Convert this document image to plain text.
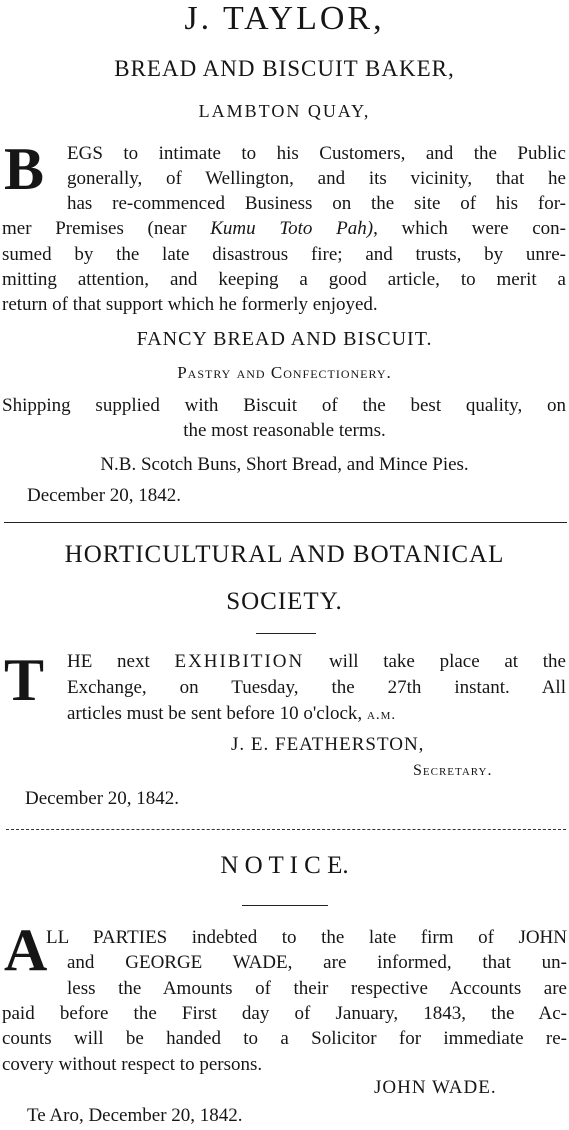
J. TAYLOR,
BREAD AND BISCUIT BAKER,
LAMBTON QUAY,
B EGS to intimate to his Customers, and the Public
gonerally, of Wellington, and its vicinity, that he
has re-commenced Business on the site of his for-
mer Premises (near Kumu Toto Pah), which were con-
sumed by the late disastrous fire; and trusts, by unre-
mitting attention, and keeping a good article, to merit a
return of that support which he formerly enjoyed.
FANCY BREAD AND BISCUIT.
Pastry and Confectionery.
Shipping supplied with Biscuit of the best quality, on
the most reasonable terms.
N.B. Scotch Buns, Short Bread, and Mince Pies.
December 20, 1842.
HORTICULTURAL AND BOTANICAL
SOCIETY.
T HE next EXHIBITION will take place at the
Exchange, on Tuesday, the 27th instant. All
articles must be sent before 10 o'clock, a.m.
J. E. FEATHERSTON,
Secretary.
December 20, 1842.
N O T I C E.
A
LL PARTIES indebted to the late firm of JOHN
and GEORGE WADE, are informed, that un-
less the Amounts of their respective Accounts are
paid before the First day of January, 1843, the Ac-
counts will be handed to a Solicitor for immediate re-
covery without respect to persons.
JOHN WADE.
Te Aro, December 20, 1842.
